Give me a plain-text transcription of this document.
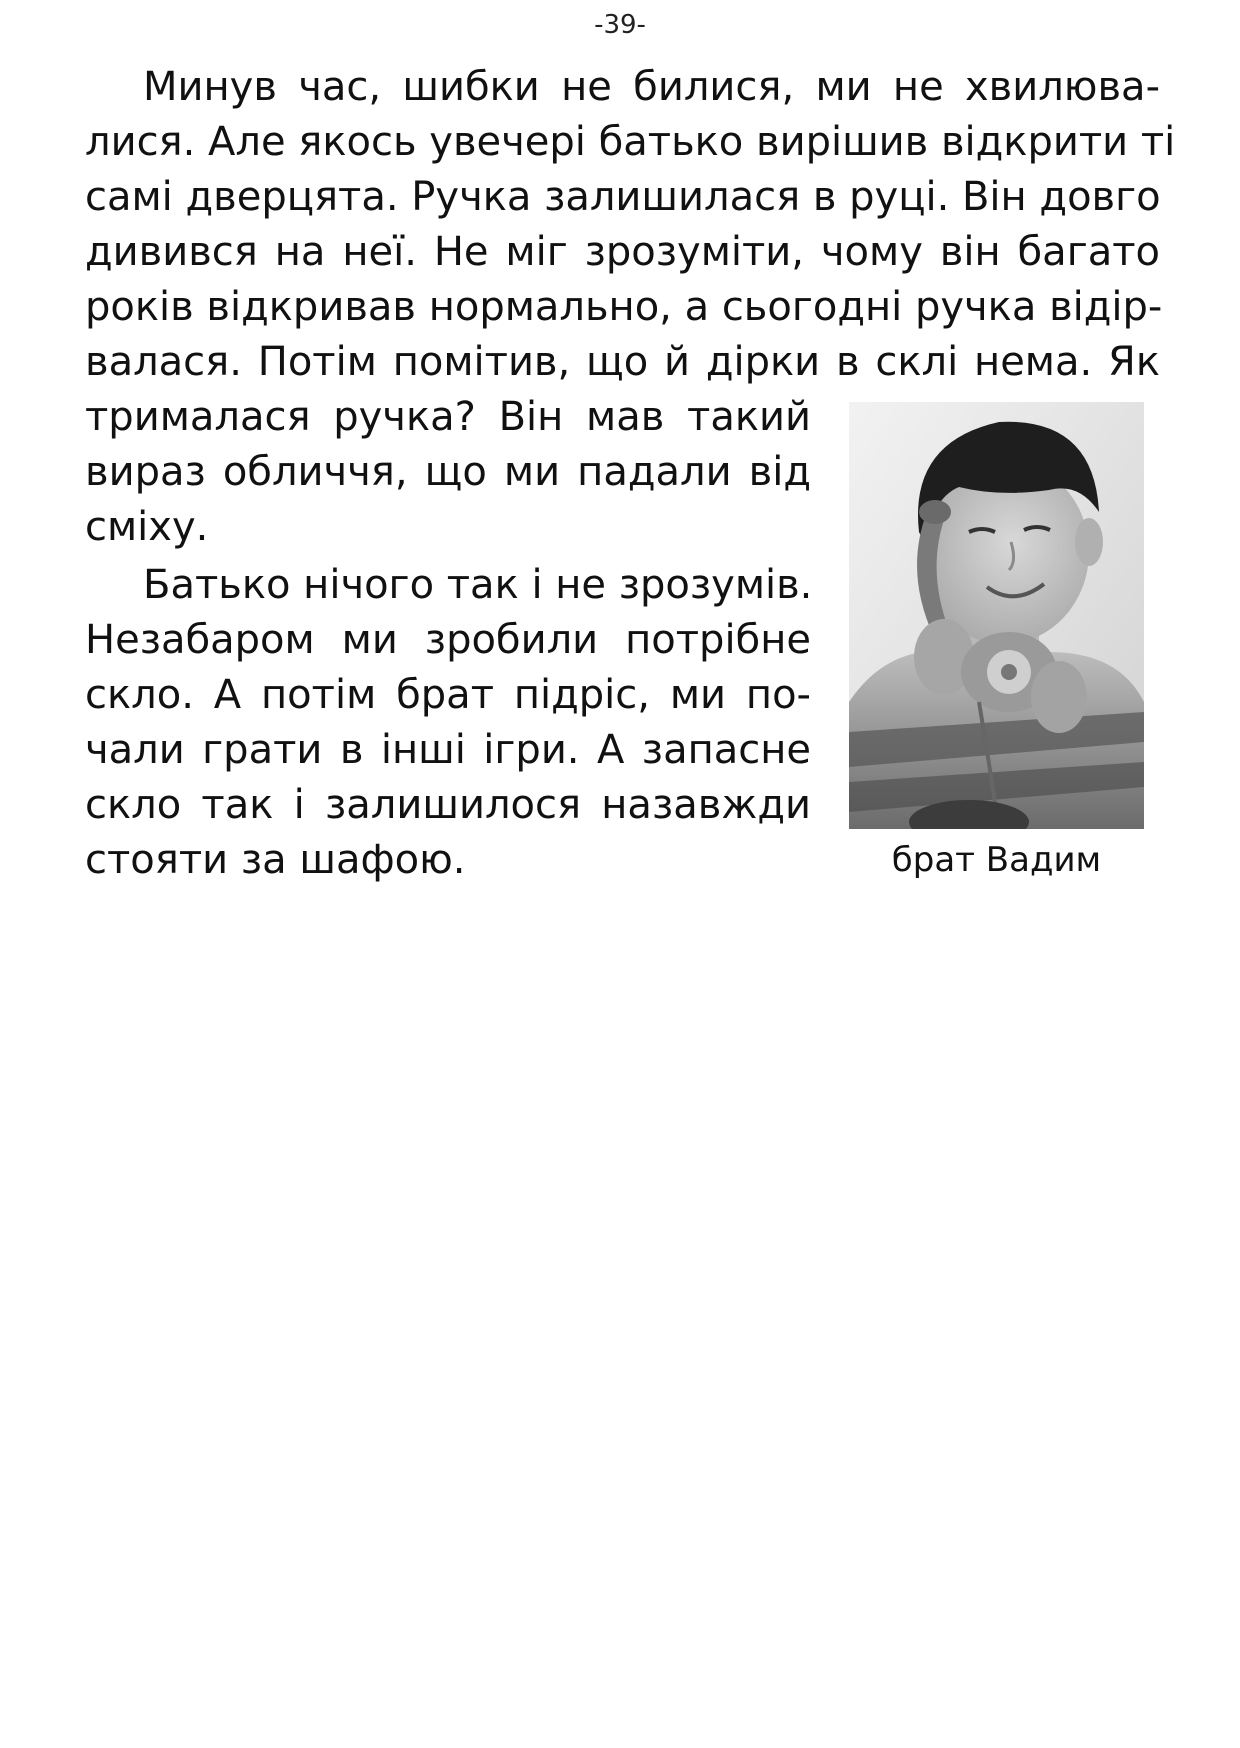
-39-
Минув час, шибки не билися, ми не хвилюва-
лися. Але якось увечері батько вирішив відкрити ті
самі дверцята. Ручка залишилася в руці. Він довго
дивився на неї. Не міг зрозуміти, чому він багато
років відкривав нормально, а сьогодні ручка відір-
валася. Потім помітив, що й дірки в склі нема. Як
трималася ручка? Він мав такий
вираз обличчя, що ми падали від
сміху.
Батько нічого так і не зрозумів.
Незабаром ми зробили потрібне
скло. А потім брат підріс, ми по-
чали грати в інші ігри. А запасне
скло так і залишилося назавжди
стояти за шафою.	брат Вадим
